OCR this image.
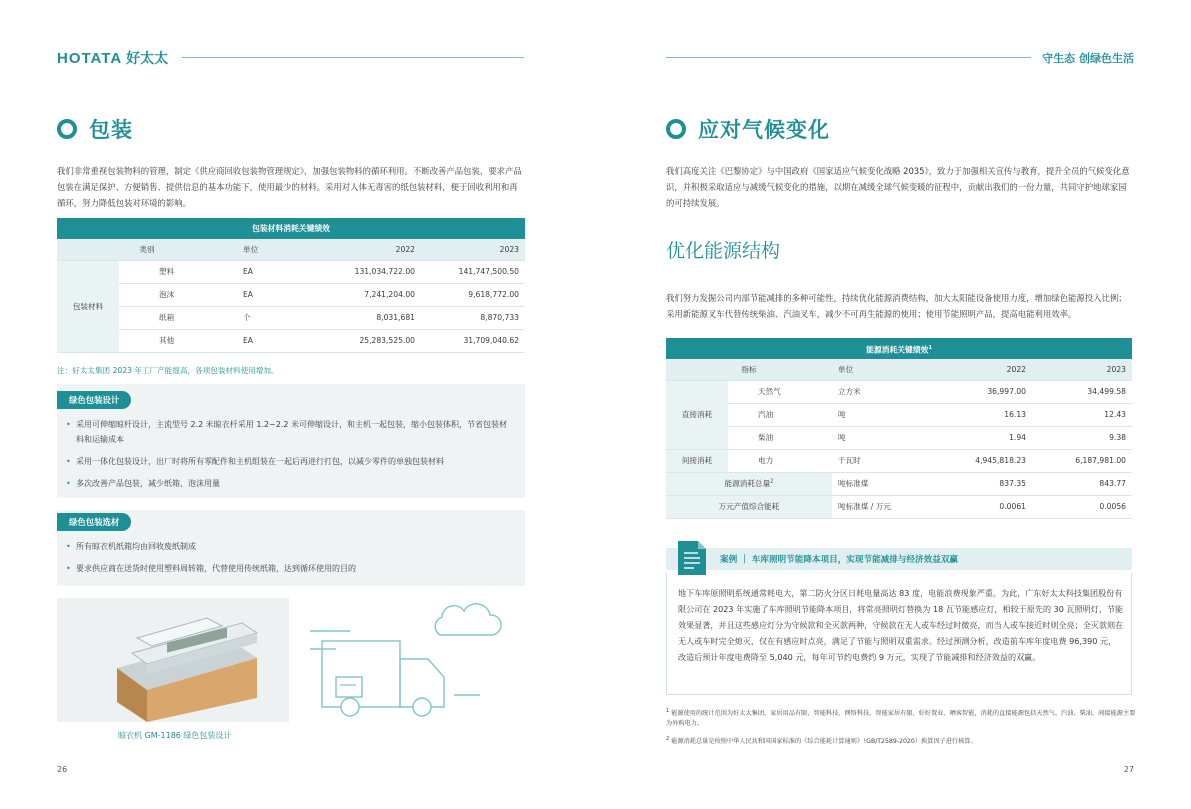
HOTATA 好太太
包装
我们非常重视包装物料的管理，制定《供应商回收包装物管理规定》，加强包装物料的循环利用。不断改善产品包装，要求产品包装在满足保护、方便销售、提供信息的基本功能下，使用最少的材料。采用对人体无毒害的纸包装材料，便于回收利用和再循环，努力降低包装对环境的影响。
包装材料消耗关键绩效
类别		单位	2022	2023
包装材料	塑料	EA	131,034,722.00	141,747,500.50
	泡沫	EA	7,241,204.00	9,618,772.00
	纸箱	个	8,031,681	8,870,733
	其他	EA	25,283,525.00	31,709,040.62
注：好太太集团 2023 年工厂产能提高，各项包装材料使用增加。
绿色包装设计
• 采用可伸缩晾杆设计，主流型号 2.2 米晾衣杆采用 1.2~2.2 米可伸缩设计，和主机一起包装，缩小包装体积，节省包装材料和运输成本
• 采用一体化包装设计，出厂时将所有零配件和主机组装在一起后再进行打包，以减少零件的单独包装材料
• 多次改善产品包装，减少纸箱、泡沫用量
绿色包装选材
• 所有晾衣机纸箱均由回收废纸制成
• 要求供应商在送货时使用塑料周转箱，代替使用传统纸箱，达到循环使用的目的
晾衣机 GM-1186 绿色包装设计
26
守生态 创绿色生活
应对气候变化
我们高度关注《巴黎协定》与中国政府《国家适应气候变化战略 2035》，致力于加强相关宣传与教育，提升全员的气候变化意识，并积极采取适应与减缓气候变化的措施，以期在减缓全球气候变暖的征程中，贡献出我们的一份力量，共同守护地球家园的可持续发展。
优化能源结构
我们努力发掘公司内部节能减排的多种可能性，持续优化能源消费结构，加大太阳能设备使用力度，增加绿色能源投入比例；采用新能源叉车代替传统柴油、汽油叉车，减少不可再生能源的使用；使用节能照明产品，提高电能利用效率。
能源消耗关键绩效$^1$
指标		单位	2022	2023
直接消耗	天然气	立方米	36,997.00	34,499.58
	汽油	吨	16.13	12.43
	柴油	吨	1.94	9.38
间接消耗	电力	千瓦时	4,945,818.23	6,187,981.00
能源消耗总量$^2$		吨标准煤	837.35	843.77
万元产值综合能耗		吨标准煤 / 万元	0.0061	0.0056
案例 ｜ 车库照明节能降本项目，实现节能减排与经济效益双赢
地下车库原照明系统通常耗电大，第二防火分区日耗电量高达 83 度，电能浪费现象严重。为此，广东好太太科技集团股份有限公司在 2023 年实施了车库照明节能降本项目，将常亮照明灯替换为 18 瓦节能感应灯，相较于原先的 30 瓦照明灯，节能效果显著，并且这些感应灯分为守候款和全灭款两种，守候款在无人或车经过时微亮，而当人或车接近时则全亮；全灭款则在无人或车时完全熄灭，仅在有感应时点亮，满足了节能与照明双重需求。经过预测分析，改造前车库年度电费 96,390 元，改造后预计年度电费降至 5,040 元，每年可节约电费约 9 万元，实现了节能减排和经济效益的双赢。
$^1$ 能源使用的统计范围为好太太集团、家居用品有限、智能科技、网络科技、智能家居有限、好好置业、晒客智能，消耗的直接能源包括天然气、汽油、柴油，间接能源主要为外购电力。
$^2$ 能源消耗总量是按照中华人民共和国国家标准的《综合能耗计算通则》（GB/T2589-2020）换算因子进行核算。
27
